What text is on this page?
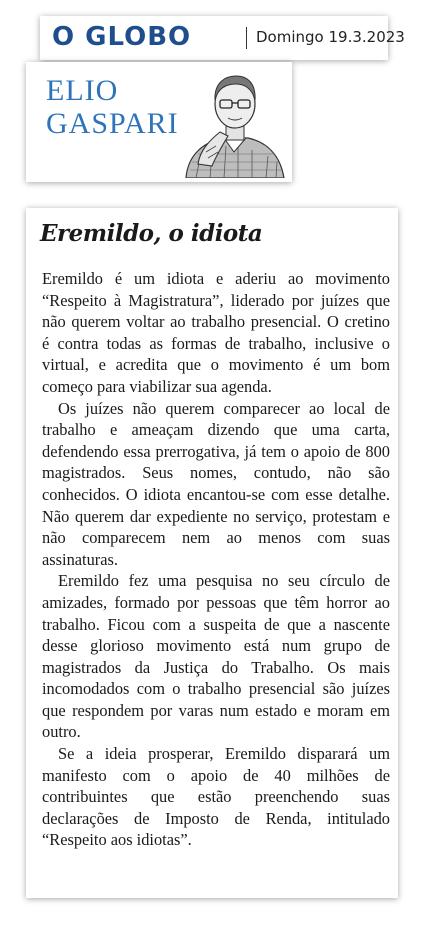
O GLOBO	Domingo 19.3.2023
ELIO
GASPARI
Eremildo, o idiota

Eremildo é um idiota e aderiu ao movimento “Respeito à Magistratura”, liderado por juízes que não querem voltar ao trabalho presencial. O cretino é contra todas as formas de trabalho, inclusive o virtual, e acredita que o movimento é um bom começo para viabilizar sua agenda.

Os juízes não querem comparecer ao local de trabalho e ameaçam dizendo que uma carta, defendendo essa prerrogativa, já tem o apoio de 800 magistrados. Seus nomes, contudo, não são conhecidos. O idiota encantou-se com esse detalhe. Não querem dar expediente no serviço, protestam e não comparecem nem ao menos com suas assinaturas.

Eremildo fez uma pesquisa no seu círculo de amizades, formado por pessoas que têm horror ao trabalho. Ficou com a suspeita de que a nascente desse glorioso movimento está num grupo de magistrados da Justiça do Trabalho. Os mais incomodados com o trabalho presencial são juízes que respondem por varas num estado e moram em outro.

Se a ideia prosperar, Eremildo disparará um manifesto com o apoio de 40 milhões de contribuintes que estão preenchendo suas declarações de Imposto de Renda, intitulado “Respeito aos idiotas”.
